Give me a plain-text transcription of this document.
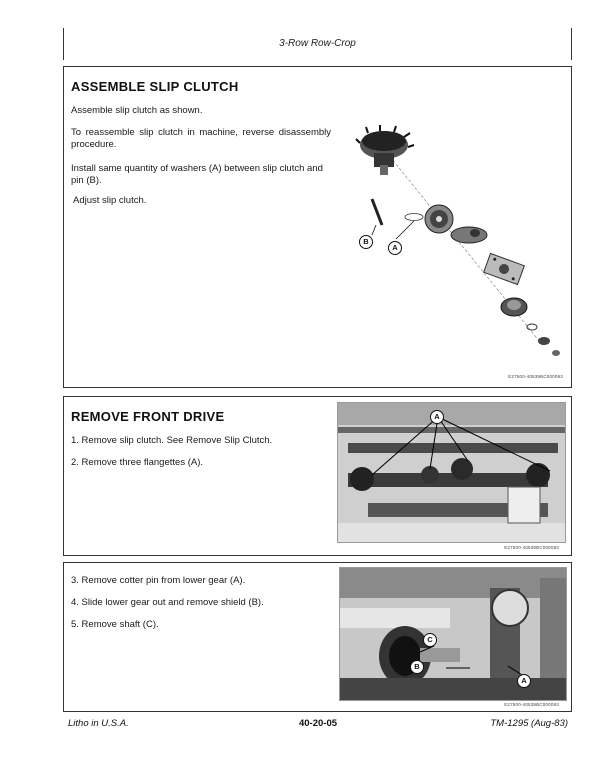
3-Row Row-Crop
ASSEMBLE SLIP CLUTCH

Assemble slip clutch as shown.

To reassemble slip clutch in machine, reverse disassembly procedure.

Install same quantity of washers (A) between slip clutch and pin (B).

Adjust slip clutch.

B
A
E27500-40539BC000083
REMOVE FRONT DRIVE

1. Remove slip clutch. See Remove Slip Clutch.

2. Remove three flangettes (A).

A
E27500-40539BC000083

3. Remove cotter pin from lower gear (A).

4. Slide lower gear out and remove shield (B).

5. Remove shaft (C).

C
B
A
E27500-40539BC000083
Litho in U.S.A.	40-20-05	TM-1295 (Aug-83)
